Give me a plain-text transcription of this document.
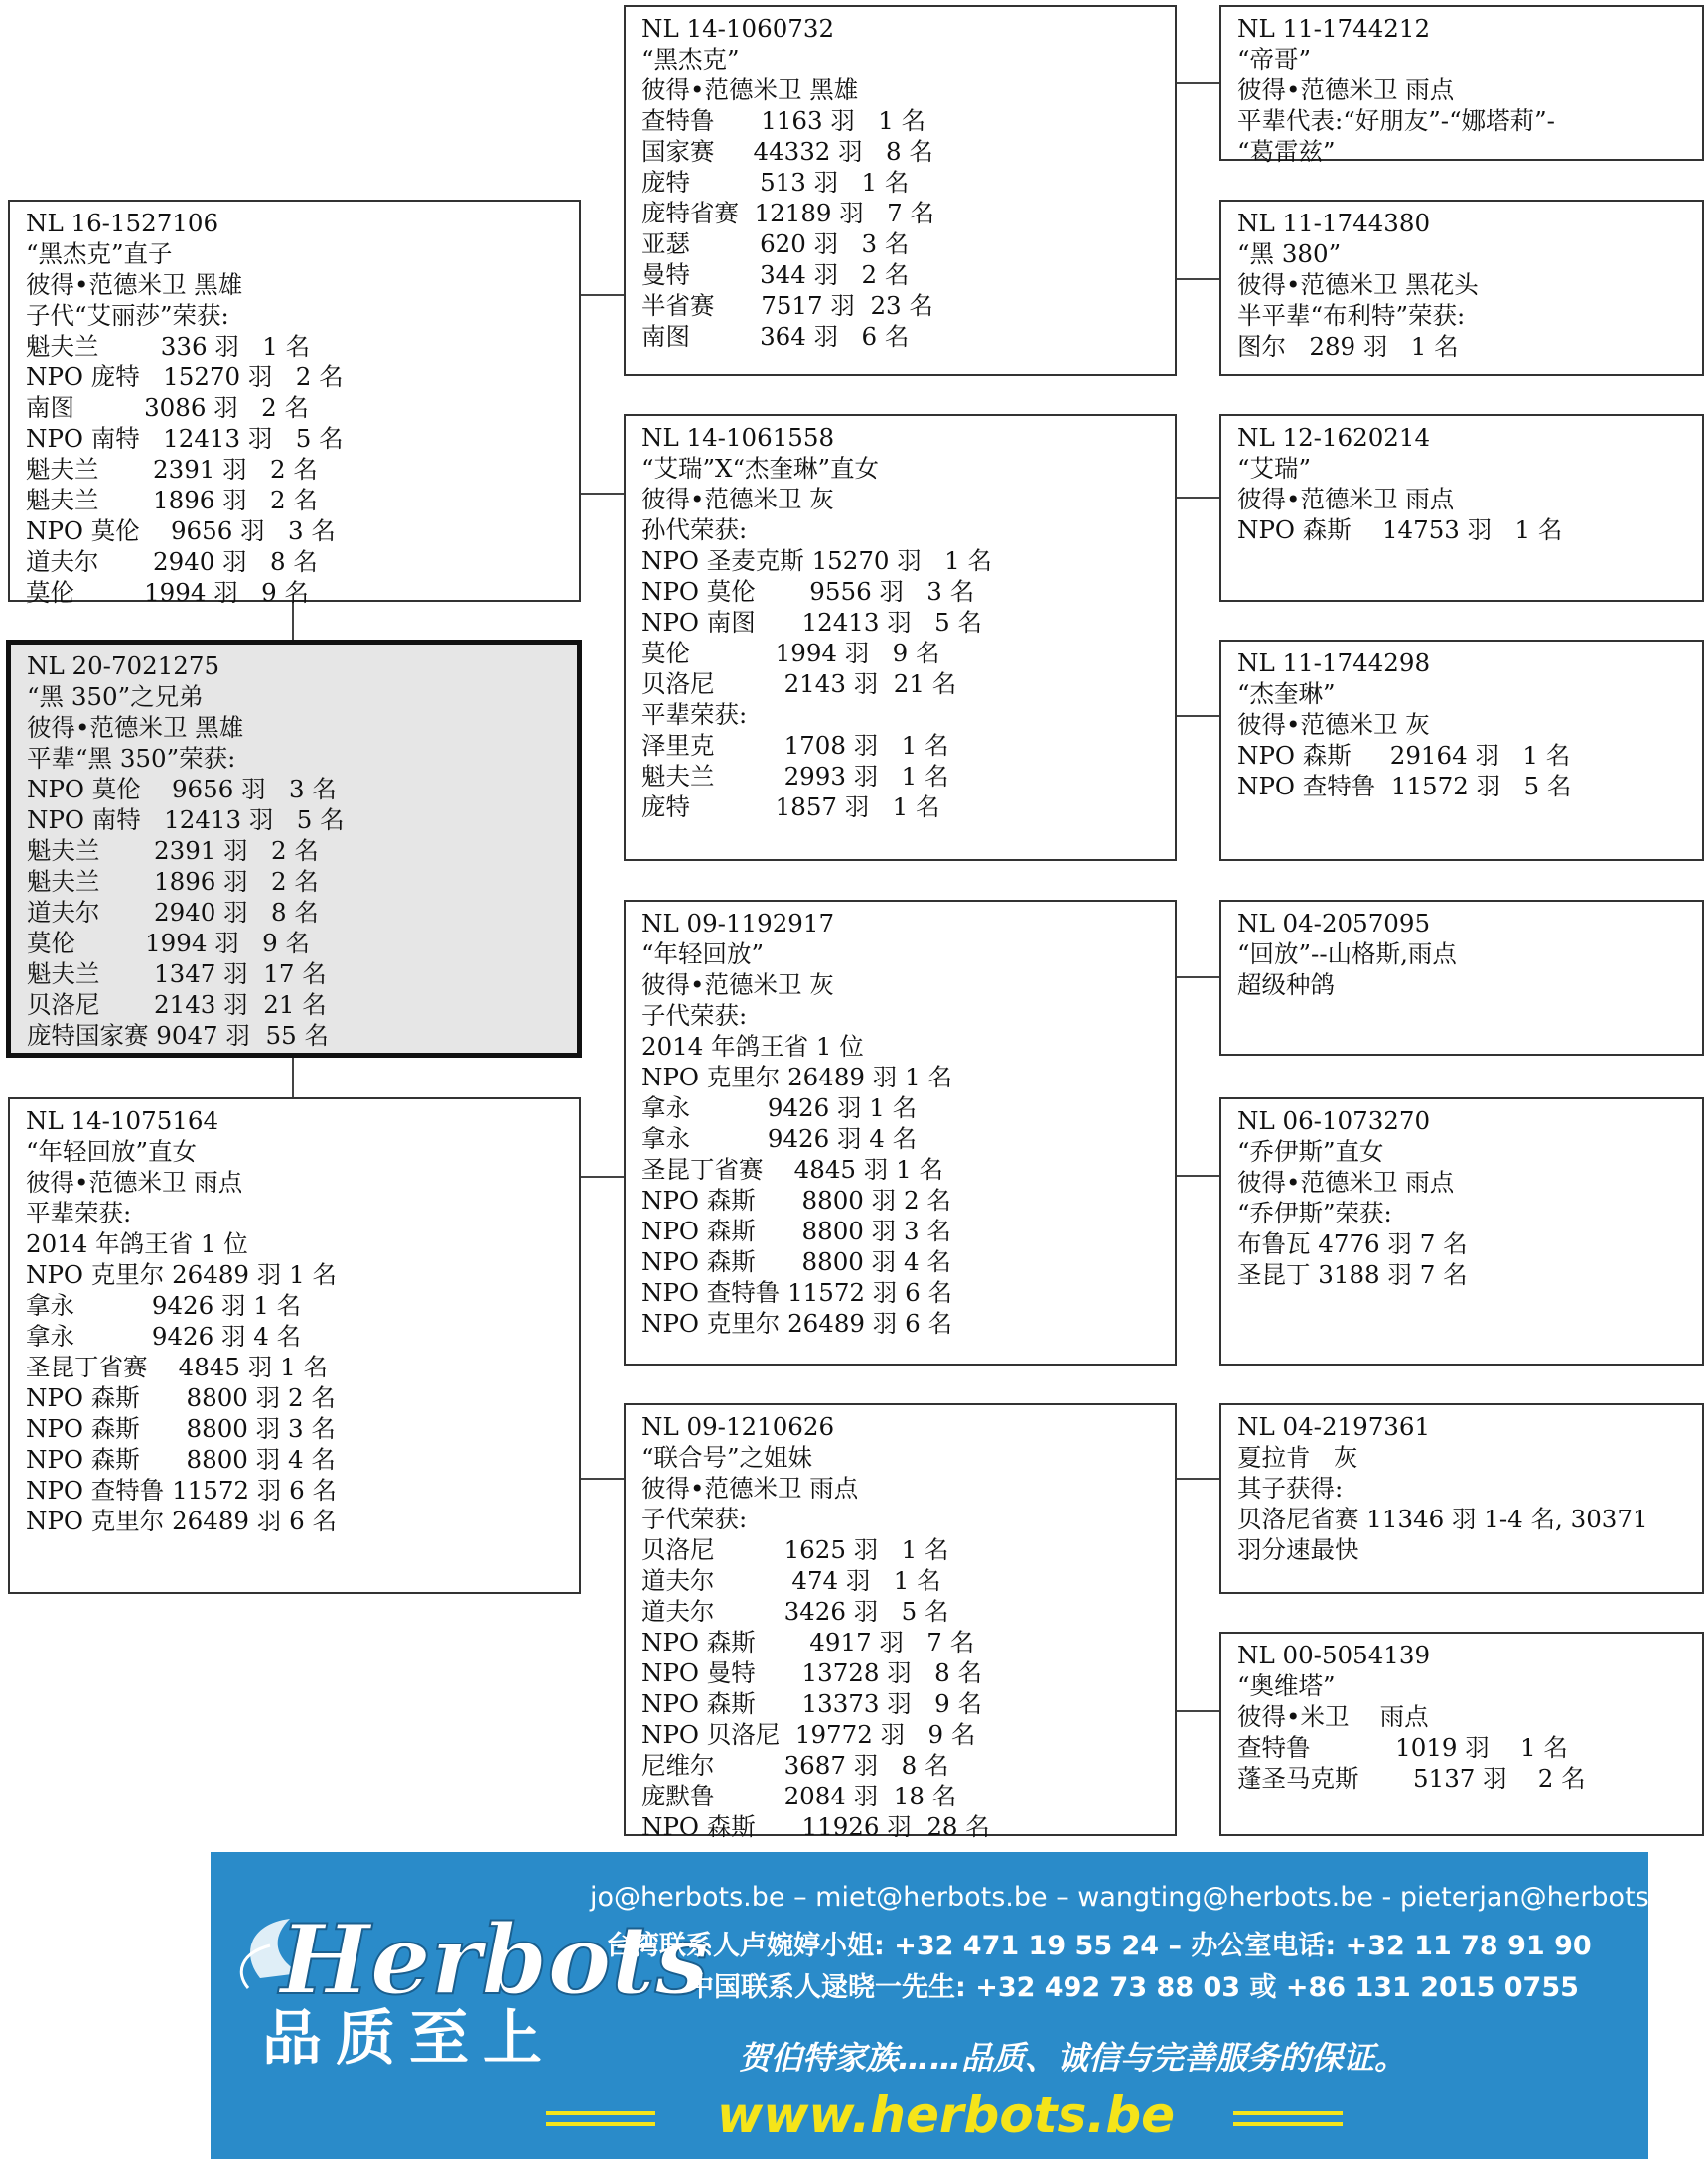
NL 16-1527106
“黑杰克”直子
彼得•范德米卫 黑雄
子代“艾丽莎”荣获:
魁夫兰        336 羽   1 名
NPO 庞特   15270 羽   2 名
南图         3086 羽   2 名
NPO 南特   12413 羽   5 名
魁夫兰       2391 羽   2 名
魁夫兰       1896 羽   2 名
NPO 莫伦    9656 羽   3 名
道夫尔       2940 羽   8 名
莫伦         1994 羽   9 名
NL 20-7021275
“黑 350”之兄弟
彼得•范德米卫 黑雄
平辈“黑 350”荣获:
NPO 莫伦    9656 羽   3 名
NPO 南特   12413 羽   5 名
魁夫兰       2391 羽   2 名
魁夫兰       1896 羽   2 名
道夫尔       2940 羽   8 名
莫伦         1994 羽   9 名
魁夫兰       1347 羽  17 名
贝洛尼       2143 羽  21 名
庞特国家赛 9047 羽  55 名
NL 14-1075164
“年轻回放”直女
彼得•范德米卫 雨点
平辈荣获:
2014 年鸽王省 1 位
NPO 克里尔 26489 羽 1 名
拿永          9426 羽 1 名
拿永          9426 羽 4 名
圣昆丁省赛    4845 羽 1 名
NPO 森斯      8800 羽 2 名
NPO 森斯      8800 羽 3 名
NPO 森斯      8800 羽 4 名
NPO 查特鲁 11572 羽 6 名
NPO 克里尔 26489 羽 6 名
NL 14-1060732
“黑杰克”
彼得•范德米卫 黑雄
查特鲁      1163 羽   1 名
国家赛     44332 羽   8 名
庞特         513 羽   1 名
庞特省赛  12189 羽   7 名
亚瑟         620 羽   3 名
曼特         344 羽   2 名
半省赛      7517 羽  23 名
南图         364 羽   6 名
NL 14-1061558
“艾瑞”X“杰奎琳”直女
彼得•范德米卫 灰
孙代荣获:
NPO 圣麦克斯 15270 羽   1 名
NPO 莫伦       9556 羽   3 名
NPO 南图      12413 羽   5 名
莫伦           1994 羽   9 名
贝洛尼         2143 羽  21 名
平辈荣获:
泽里克         1708 羽   1 名
魁夫兰         2993 羽   1 名
庞特           1857 羽   1 名
NL 09-1192917
“年轻回放”
彼得•范德米卫 灰
子代荣获:
2014 年鸽王省 1 位
NPO 克里尔 26489 羽 1 名
拿永          9426 羽 1 名
拿永          9426 羽 4 名
圣昆丁省赛    4845 羽 1 名
NPO 森斯      8800 羽 2 名
NPO 森斯      8800 羽 3 名
NPO 森斯      8800 羽 4 名
NPO 查特鲁 11572 羽 6 名
NPO 克里尔 26489 羽 6 名
NL 09-1210626
“联合号”之姐妹
彼得•范德米卫 雨点
子代荣获:
贝洛尼         1625 羽   1 名
道夫尔          474 羽   1 名
道夫尔         3426 羽   5 名
NPO 森斯       4917 羽   7 名
NPO 曼特      13728 羽   8 名
NPO 森斯      13373 羽   9 名
NPO 贝洛尼  19772 羽   9 名
尼维尔         3687 羽   8 名
庞默鲁         2084 羽  18 名
NPO 森斯      11926 羽  28 名
NL 11-1744212
“帝哥”
彼得•范德米卫 雨点
平辈代表:“好朋友”-“娜塔莉”-
“葛雷兹”
NL 11-1744380
“黑 380”
彼得•范德米卫 黑花头
半平辈“布利特”荣获:
图尔   289 羽   1 名
NL 12-1620214
“艾瑞”
彼得•范德米卫 雨点
NPO 森斯    14753 羽   1 名
NL 11-1744298
“杰奎琳”
彼得•范德米卫 灰
NPO 森斯     29164 羽   1 名
NPO 查特鲁  11572 羽   5 名
NL 04-2057095
“回放”--山格斯,雨点
超级种鸽
NL 06-1073270
“乔伊斯”直女
彼得•范德米卫 雨点
“乔伊斯”荣获:
布鲁瓦 4776 羽 7 名
圣昆丁 3188 羽 7 名
NL 04-2197361
夏拉肯   灰
其子获得:
贝洛尼省赛 11346 羽 1-4 名, 30371
羽分速最快
NL 00-5054139
“奥维塔”
彼得•米卫    雨点
查特鲁           1019 羽    1 名
蓬圣马克斯       5137 羽    2 名
Herbots
品质至上
jo@herbots.be – miet@herbots.be – wangting@herbots.be - pieterjan@herbots.be
台湾联系人卢婉婷小姐: +32 471 19 55 24 – 办公室电话: +32 11 78 91 90
中国联系人逯晓一先生: +32 492 73 88 03 或 +86 131 2015 0755
贺伯特家族……品质、诚信与完善服务的保证。
www.herbots.be
